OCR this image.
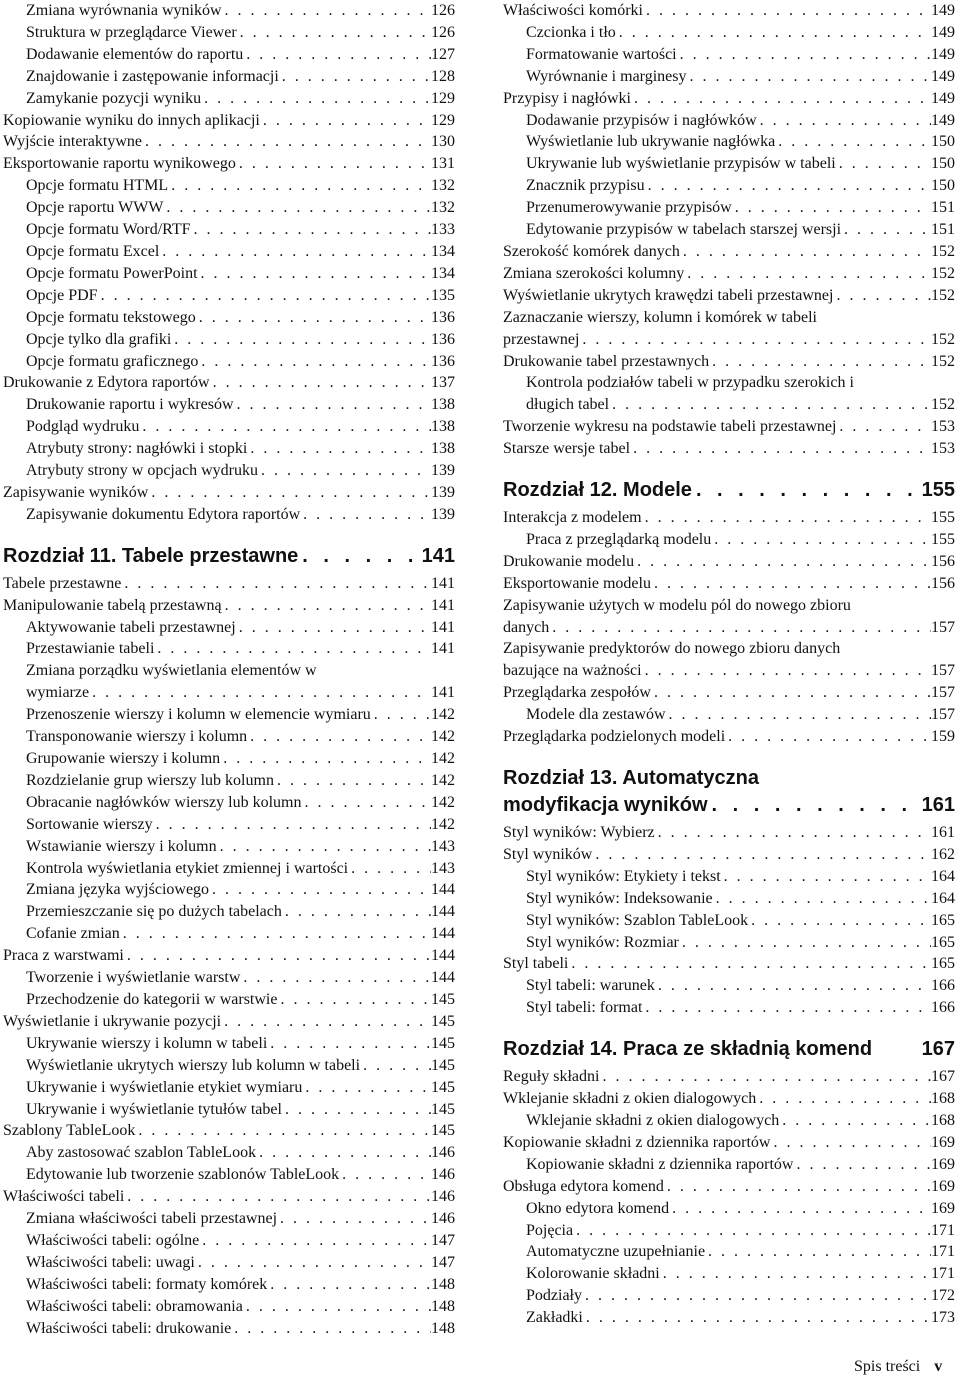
Zmiana wyrównania wyników . . .	126
Struktura w przeglądarce Viewer . . .	126
Dodawanie elementów do raportu . . .	127
Znajdowanie i zastępowanie informacji . . .	128
Zamykanie pozycji wyniku . . .	129
Kopiowanie wyniku do innych aplikacji . . .	129
Wyjście interaktywne . . .	130
Eksportowanie raportu wynikowego . . .	131
Opcje formatu HTML . . .	132
Opcje raportu WWW . . .	132
Opcje formatu Word/RTF . . .	133
Opcje formatu Excel . . .	134
Opcje formatu PowerPoint . . .	134
Opcje PDF . . .	135
Opcje formatu tekstowego . . .	136
Opcje tylko dla grafiki . . .	136
Opcje formatu graficznego . . .	136
Drukowanie z Edytora raportów . . .	137
Drukowanie raportu i wykresów . . .	138
Podgląd wydruku . . .	138
Atrybuty strony: nagłówki i stopki . . .	138
Atrybuty strony w opcjach wydruku . . .	139
Zapisywanie wyników . . .	139
Zapisywanie dokumentu Edytora raportów . . .	139
Rozdział 11. Tabele przestawne . . .	141
Tabele przestawne . . .	141
Manipulowanie tabelą przestawną . . .	141
Aktywowanie tabeli przestawnej . . .	141
Przestawianie tabeli . . .	141
Zmiana porządku wyświetlania elementów w
wymiarze . . .	141
Przenoszenie wierszy i kolumn w elemencie wymiaru . . .	142
Transponowanie wierszy i kolumn . . .	142
Grupowanie wierszy i kolumn . . .	142
Rozdzielanie grup wierszy lub kolumn . . .	142
Obracanie nagłówków wierszy lub kolumn . . .	142
Sortowanie wierszy . . .	142
Wstawianie wierszy i kolumn . . .	143
Kontrola wyświetlania etykiet zmiennej i wartości . . .	143
Zmiana języka wyjściowego . . .	144
Przemieszczanie się po dużych tabelach . . .	144
Cofanie zmian . . .	144
Praca z warstwami . . .	144
Tworzenie i wyświetlanie warstw . . .	144
Przechodzenie do kategorii w warstwie . . .	145
Wyświetlanie i ukrywanie pozycji . . .	145
Ukrywanie wierszy i kolumn w tabeli . . .	145
Wyświetlanie ukrytych wierszy lub kolumn w tabeli . . .	145
Ukrywanie i wyświetlanie etykiet wymiaru . . .	145
Ukrywanie i wyświetlanie tytułów tabel . . .	145
Szablony TableLook . . .	145
Aby zastosować szablon TableLook . . .	146
Edytowanie lub tworzenie szablonów TableLook . . .	146
Właściwości tabeli . . .	146
Zmiana właściwości tabeli przestawnej . . .	146
Właściwości tabeli: ogólne . . .	147
Właściwości tabeli: uwagi . . .	147
Właściwości tabeli: formaty komórek . . .	148
Właściwości tabeli: obramowania . . .	148
Właściwości tabeli: drukowanie . . .	148
Właściwości komórki . . .	149
Czcionka i tło . . .	149
Formatowanie wartości . . .	149
Wyrównanie i marginesy . . .	149
Przypisy i nagłówki . . .	149
Dodawanie przypisów i nagłówków . . .	149
Wyświetlanie lub ukrywanie nagłówka . . .	150
Ukrywanie lub wyświetlanie przypisów w tabeli . . .	150
Znacznik przypisu . . .	150
Przenumerowywanie przypisów . . .	151
Edytowanie przypisów w tabelach starszej wersji . . .	151
Szerokość komórek danych . . .	152
Zmiana szerokości kolumny . . .	152
Wyświetlanie ukrytych krawędzi tabeli przestawnej . . .	152
Zaznaczanie wierszy, kolumn i komórek w tabeli
przestawnej . . .	152
Drukowanie tabel przestawnych . . .	152
Kontrola podziałów tabeli w przypadku szerokich i
długich tabel . . .	152
Tworzenie wykresu na podstawie tabeli przestawnej . . .	153
Starsze wersje tabel . . .	153
Rozdział 12. Modele . . .	155
Interakcja z modelem . . .	155
Praca z przeglądarką modelu . . .	155
Drukowanie modelu . . .	156
Eksportowanie modelu . . .	156
Zapisywanie użytych w modelu pól do nowego zbioru
danych . . .	157
Zapisywanie predyktorów do nowego zbioru danych
bazujące na ważności . . .	157
Przeglądarka zespołów . . .	157
Modele dla zestawów . . .	157
Przeglądarka podzielonych modeli . . .	159
Rozdział 13. Automatyczna
modyfikacja wyników . . .	161
Styl wyników: Wybierz . . .	161
Styl wyników . . .	162
Styl wyników: Etykiety i tekst . . .	164
Styl wyników: Indeksowanie . . .	164
Styl wyników: Szablon TableLook . . .	165
Styl wyników: Rozmiar . . .	165
Styl tabeli . . .	165
Styl tabeli: warunek . . .	166
Styl tabeli: format . . .	166
Rozdział 14. Praca ze składnią komend 167
Reguły składni . . .	167
Wklejanie składni z okien dialogowych . . .	168
Wklejanie składni z okien dialogowych . . .	168
Kopiowanie składni z dziennika raportów . . .	169
Kopiowanie składni z dziennika raportów . . .	169
Obsługa edytora komend . . .	169
Okno edytora komend . . .	169
Pojęcia . . .	171
Automatyczne uzupełnianie . . .	171
Kolorowanie składni . . .	171
Podziały . . .	172
Zakładki . . .	173
Spis treści v
